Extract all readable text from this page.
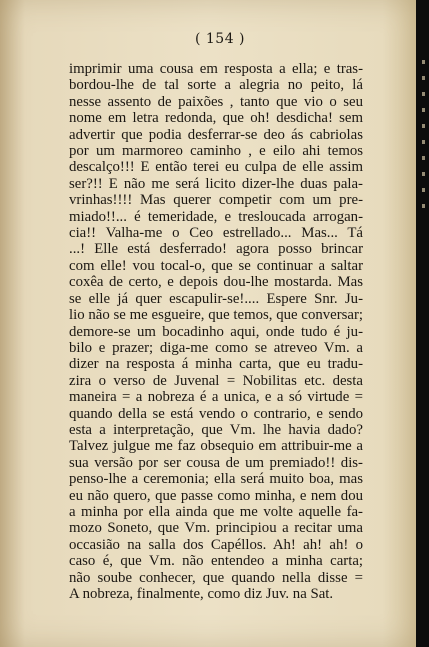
( 154 )
imprimir uma cousa em resposta a ella; e tras-
bordou-lhe de tal sorte a alegria no peito, lá
nesse assento de paixões , tanto que vio o seu
nome em letra redonda, que oh! desdicha! sem
advertir que podia desferrar-se deo ás cabriolas
por um marmoreo caminho , e eilo ahi temos
descalço!!! E então terei eu culpa de elle assim
ser?!! E não me será licito dizer-lhe duas pala-
vrinhas!!!! Mas querer competir com um pre-
miado!!... é temeridade, e tresloucada arrogan-
cia!! Valha-me o Ceo estrellado... Mas... Tá
...! Elle está desferrado! agora posso brincar
com elle! vou tocal-o, que se continuar a saltar
coxêa de certo, e depois dou-lhe mostarda. Mas
se elle já quer escapulir-se!.... Espere Snr. Ju-
lio não se me esgueire, que temos, que conversar;
demore-se um bocadinho aqui, onde tudo é ju-
bilo e prazer; diga-me como se atreveo Vm. a
dizer na resposta á minha carta, que eu tradu-
zira o verso de Juvenal = Nobilitas etc. desta
maneira = a nobreza é a unica, e a só virtude =
quando della se está vendo o contrario, e sendo
esta a interpretação, que Vm. lhe havia dado?
Talvez julgue me faz obsequio em attribuir-me a
sua versão por ser cousa de um premiado!! dis-
penso-lhe a ceremonia; ella será muito boa, mas
eu não quero, que passe como minha, e nem dou
a minha por ella ainda que me volte aquelle fa-
mozo Soneto, que Vm. principiou a recitar uma
occasião na salla dos Capéllos. Ah! ah! ah! o
caso é, que Vm. não entendeo a minha carta;
não soube conhecer, que quando nella disse =
A nobreza, finalmente, como diz Juv. na Sat.
